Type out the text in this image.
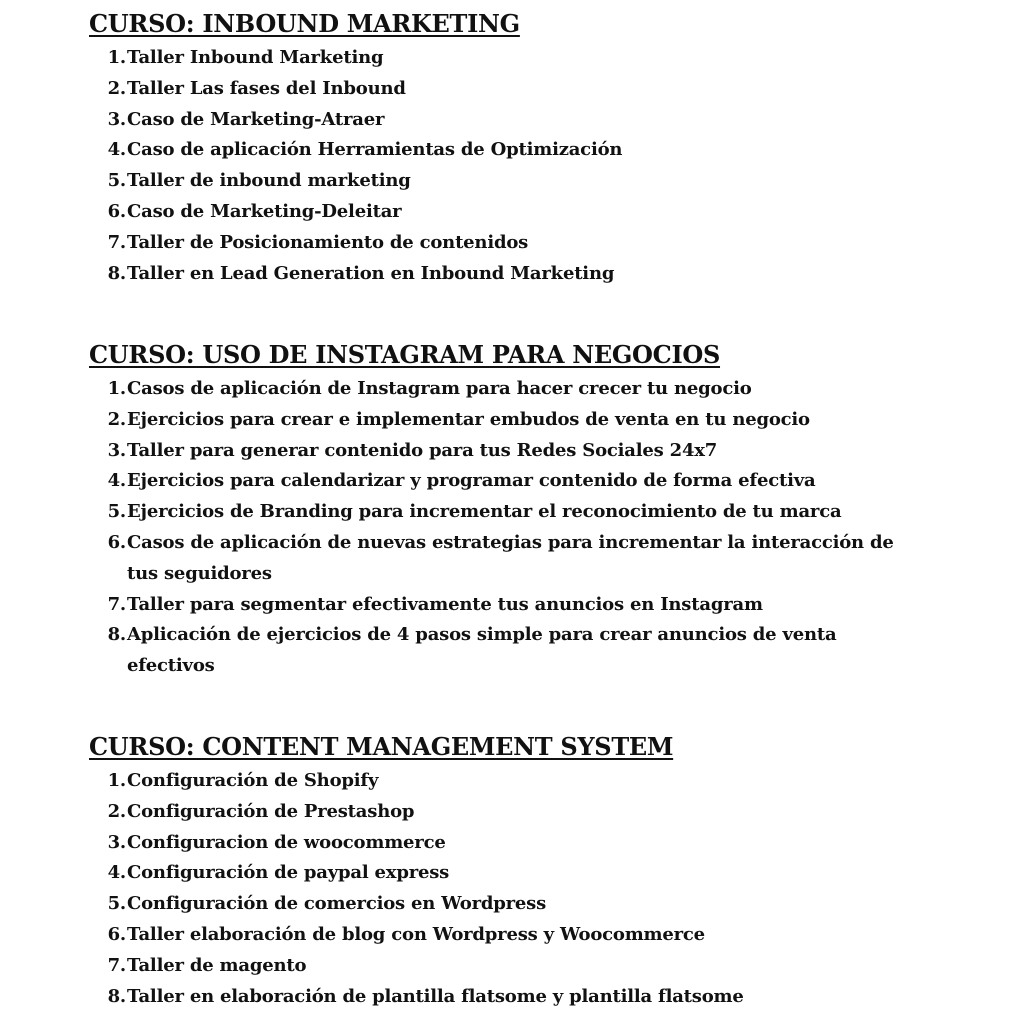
CURSO: INBOUND MARKETING
1. Taller Inbound Marketing
2. Taller Las fases del Inbound
3. Caso de Marketing-Atraer
4. Caso de aplicación Herramientas de Optimización
5. Taller de inbound marketing
6. Caso de Marketing-Deleitar
7. Taller de Posicionamiento de contenidos
8. Taller en Lead Generation en Inbound Marketing
CURSO: USO DE INSTAGRAM PARA NEGOCIOS
1. Casos de aplicación de Instagram para hacer crecer tu negocio
2. Ejercicios para crear e implementar embudos de venta en tu negocio
3. Taller para generar contenido para tus Redes Sociales 24x7
4. Ejercicios para calendarizar y programar contenido de forma efectiva
5. Ejercicios de Branding para incrementar el reconocimiento de tu marca
6. Casos de aplicación de nuevas estrategias para incrementar la interacción de tus seguidores
7. Taller para segmentar efectivamente tus anuncios en Instagram
8. Aplicación de ejercicios de 4 pasos simple para crear anuncios de venta efectivos
CURSO: CONTENT MANAGEMENT SYSTEM
1. Configuración de Shopify
2. Configuración de Prestashop
3. Configuracion de woocommerce
4. Configuración de paypal express
5. Configuración de comercios en Wordpress
6. Taller elaboración de blog con Wordpress y Woocommerce
7. Taller de magento
8. Taller en elaboración de plantilla flatsome y plantilla flatsome
